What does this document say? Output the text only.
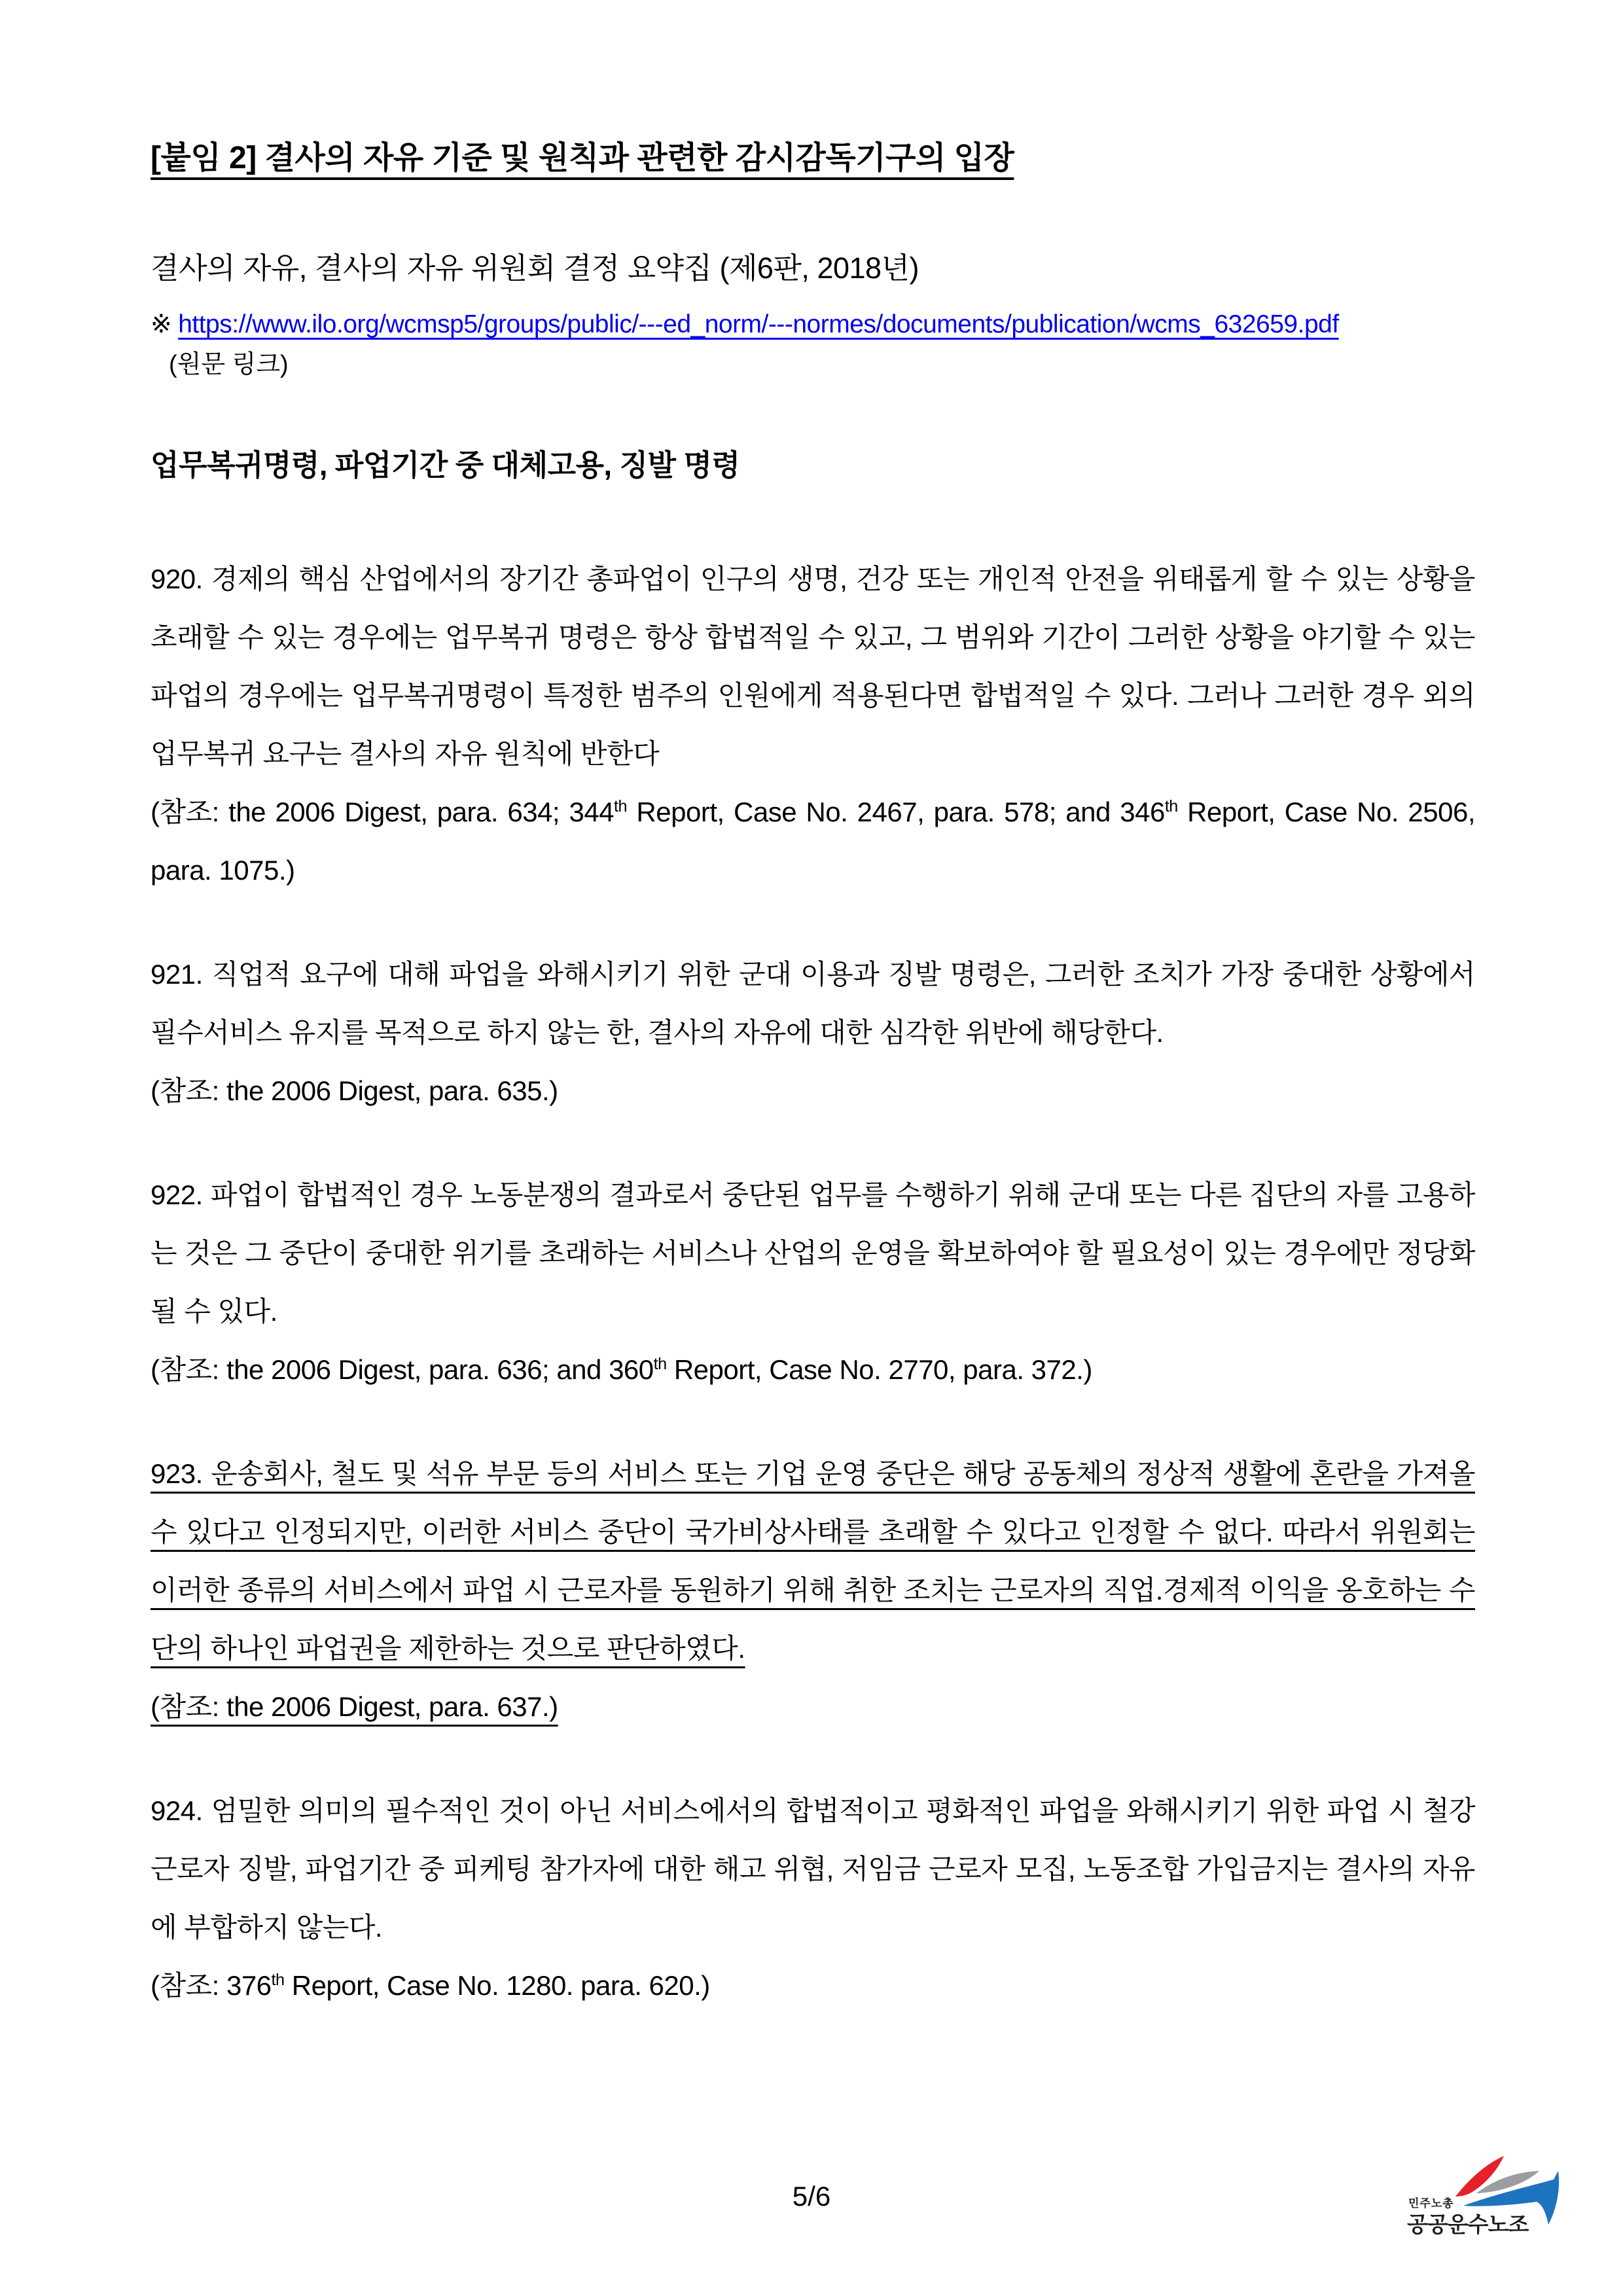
[붙임 2] 결사의 자유 기준 및 원칙과 관련한 감시감독기구의 입장
결사의 자유, 결사의 자유 위원회 결정 요약집 (제6판, 2018년)
※ https://www.ilo.org/wcmsp5/groups/public/---ed_norm/---normes/documents/publication/wcms_632659.pdf
(원문 링크)
업무복귀명령, 파업기간 중 대체고용, 징발 명령
920. 경제의 핵심 산업에서의 장기간 총파업이 인구의 생명, 건강 또는 개인적 안전을 위태롭게 할 수 있는 상황을 초래할 수 있는 경우에는 업무복귀 명령은 항상 합법적일 수 있고, 그 범위와 기간이 그러한 상황을 야기할 수 있는 파업의 경우에는 업무복귀명령이 특정한 범주의 인원에게 적용된다면 합법적일 수 있다. 그러나 그러한 경우 외의 업무복귀 요구는 결사의 자유 원칙에 반한다
(참조: the 2006 Digest, para. 634; 344th Report, Case No. 2467, para. 578; and 346th Report, Case No. 2506, para. 1075.)
921. 직업적 요구에 대해 파업을 와해시키기 위한 군대 이용과 징발 명령은, 그러한 조치가 가장 중대한 상황에서 필수서비스 유지를 목적으로 하지 않는 한, 결사의 자유에 대한 심각한 위반에 해당한다.
(참조: the 2006 Digest, para. 635.)
922. 파업이 합법적인 경우 노동분쟁의 결과로서 중단된 업무를 수행하기 위해 군대 또는 다른 집단의 자를 고용하는 것은 그 중단이 중대한 위기를 초래하는 서비스나 산업의 운영을 확보하여야 할 필요성이 있는 경우에만 정당화될 수 있다.
(참조: the 2006 Digest, para. 636; and 360th Report, Case No. 2770, para. 372.)
923. 운송회사, 철도 및 석유 부문 등의 서비스 또는 기업 운영 중단은 해당 공동체의 정상적 생활에 혼란을 가져올 수 있다고 인정되지만, 이러한 서비스 중단이 국가비상사태를 초래할 수 있다고 인정할 수 없다. 따라서 위원회는 이러한 종류의 서비스에서 파업 시 근로자를 동원하기 위해 취한 조치는 근로자의 직업.경제적 이익을 옹호하는 수단의 하나인 파업권을 제한하는 것으로 판단하였다.
(참조: the 2006 Digest, para. 637.)
924. 엄밀한 의미의 필수적인 것이 아닌 서비스에서의 합법적이고 평화적인 파업을 와해시키기 위한 파업 시 철강근로자 징발, 파업기간 중 피케팅 참가자에 대한 해고 위협, 저임금 근로자 모집, 노동조합 가입금지는 결사의 자유에 부합하지 않는다.
(참조: 376th Report, Case No. 1280. para. 620.)
5/6	민주노총
공공운수노조
